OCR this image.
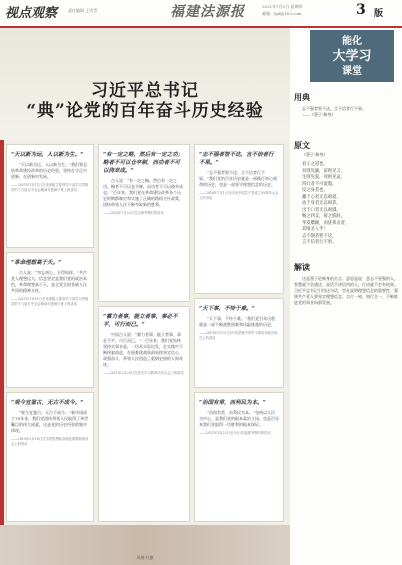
视点观察	责任编辑 王雪青	福建法源报	2021年7月1日 星期四
邮箱：fjsf@163.com	3 版
习近平总书记
“典”论党的百年奋斗历史经验
“
“天以新为运，人以新为生。”
“天以新为运，人以新为生。”我们要总结革命建设改革的历史经验，坚持在守正中创新，在创新中发展。
——2021年1月11日在省部级主要领导干部学习贯彻党的十九届五中全会精神专题研讨班上的讲话
“
“有一定之略，然后有一定之功；略者不可以仓卒制，而功者不可以侥幸成。”
古人说：“有一定之略，然后有一定之功。略者不可以仓卒制，而功者不可以侥幸成也。”百年来，我们党在革命建设改革各个历史时期都制定和实施了正确的路线方针政策，团结带领人民不断夺取新的胜利。
——2020年7月22日在吉林考察时的讲话
“
“志不强者智不达，言不信者行不果。”
“志不强者智不达，言不信者行不果。”我们党的百年历史就是一部践行初心使命的历史，也是一部坚守理想信念的历史。
——2016年7月1日在庆祝中国共产党成立95周年大会上的讲话
“
“革命理想高于天。”
古人说：“勿忘初心，方得始终。”共产党人理想远大、信念坚定是我们党的政治本色，革命理想高于天，是全党全国各族人民共同的精神支柱。
——2021年1月11日在省部级主要领导干部学习贯彻党的十九届五中全会精神专题研讨班上的讲话	“
“天下事，不恃于难。”
“天下事，不恃于难。”我们党百年历程就是一部不断战胜困难和风险挑战的历史。
——2019年9月3日在中央党校中青年干部培训班开班式上的讲话
“
“观今宜鉴古，无古不成今。”
“观今宜鉴古，无古不成今。”新中国成立70年来，我们党团结带领人民取得了举世瞩目的伟大成就，这是党的历史经验的集中体现。
——2019年3月18日在学校思想政治理论课教师座谈会上的讲话
“
“蓄力者事，能立者事，事必不平，可行而已。”
中国古人说：“蓄力者事，能立者事，事必不平，可行而已。”一百年来，我们党始终坚持实事求是，一切从实际出发，在实践中不断探索前进，在困难挑战面前始终坚定信心、顽强奋斗，带领人民创造了彪炳史册的人间奇迹。
——2021年2月20日在党史学习教育动员大会上的讲话
“
“治国有常，而利民为本。”
“治国有常，而利民为本。”坚持以人民为中心，是我们党的根本政治立场，也是百年来我们党取得一切胜利的根本保证。
——2021年3月22日至25日在福建考察时的讲话
风展·红旗
能化
大学习
课堂
用典

志不强者智不达，言不信者行不果。

——《墨子·修身》

原文

《墨子·修身》

君子之道也，
贫则见廉，富则见义，
生则见爱，死则见哀，
四行者不可虚假，
反之身者也。
藏于心者无以竭爱，
动于身者无以竭恭，
出于口者无以竭驯。
畅之四支，接之肌肤，
华发隳颠，而犹弗舍者，
其唯圣人乎！
志不强者智不达，
言不信者行不果。
解读

这是墨子论修身的名言。意思是说：意志不坚强的人，智慧就不会通达；说话不讲信用的人，行动就不会有结果。习近平总书记引用这句话，旨在说明理想信念的重要性，强调共产党人要坚定理想信念，言行一致、知行合一，不断推进党的事业向前发展。
